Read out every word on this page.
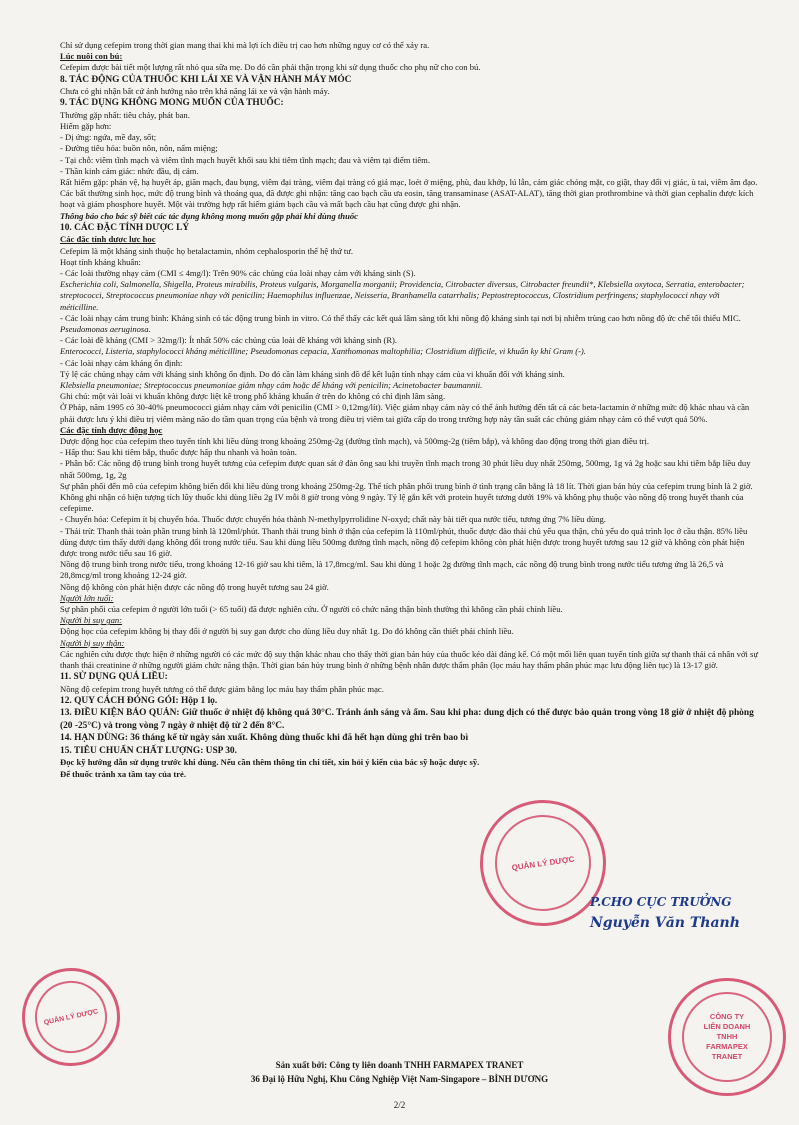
Chỉ sử dụng cefepim trong thời gian mang thai khi mà lợi ích điều trị cao hơn những nguy cơ có thể xảy ra.

Lúc nuôi con bú:

Cefepim được bài tiết một lượng rất nhỏ qua sữa mẹ. Do đó cần phải thận trọng khi sử dụng thuốc cho phụ nữ cho con bú.

8. TÁC ĐỘNG CỦA THUỐC KHI LÁI XE VÀ VẬN HÀNH MÁY MÓC

Chưa có ghi nhận bất cứ ảnh hưởng nào trên khả năng lái xe và vận hành máy.

9. TÁC DỤNG KHÔNG MONG MUỐN CỦA THUỐC:

Thường gặp nhất: tiêu chảy, phát ban.

Hiếm gặp hơn:

- Dị ứng: ngứa, mề đay, sốt;

- Đường tiêu hóa: buồn nôn, nôn, nấm miệng;

- Tại chỗ: viêm tĩnh mạch và viêm tĩnh mạch huyết khối sau khi tiêm tĩnh mạch; đau và viêm tại điểm tiêm.

- Thần kinh cảm giác: nhức đầu, dị cảm.

Rất hiếm gặp: phản vệ, hạ huyết áp, giãn mạch, đau bụng, viêm đại tràng, viêm đại tràng có giả mạc, loét ở miệng, phù, đau khớp, lú lẫn, cảm giác chóng mặt, co giật, thay đổi vị giác, ù tai, viêm âm đạo.

Các bất thường sinh học, mức độ trung bình và thoáng qua, đã được ghi nhận: tăng cao bạch cầu ưa eosin, tăng transaminase (ASAT-ALAT), tăng thời gian prothrombine và thời gian cephalin được kích hoạt và giảm phosphore huyết. Một vài trường hợp rất hiếm giảm bạch cầu và mất bạch cầu hạt cũng được ghi nhận.

Thông báo cho bác sỹ biết các tác dụng không mong muốn gặp phải khi dùng thuốc

10. CÁC ĐẶC TÍNH DƯỢC LÝ

Các đặc tính dược lực học

Cefepim là một kháng sinh thuộc họ betalactamin, nhóm cephalosporin thế hệ thứ tư.

Hoạt tính kháng khuẩn:

- Các loài thường nhạy cảm (CMI ≤ 4mg/l): Trên 90% các chủng của loài nhạy cảm với kháng sinh (S).

Escherichia coli, Salmonella, Shigella, Proteus mirabilis, Proteus vulgaris, Morganella morganii; Providencia, Citrobacter diversus, Citrobacter freundii*, Klebsiella oxytoca, Serratia, enterobacter; streptococci, Streptococcus pneumoniae nhạy với penicilin; Haemophilus influenzae, Neisseria, Branhamella catarrhalis; Peptostreptococcus, Clostridium perfringens; staphylococci nhạy với méticilline.

- Các loài nhạy cảm trung bình: Kháng sinh có tác động trung bình in vitro. Có thể thấy các kết quả lâm sàng tốt khi nồng độ kháng sinh tại nơi bị nhiễm trùng cao hơn nồng độ ức chế tối thiểu MIC.

Pseudomonas aeruginosa.

- Các loài đề kháng (CMI > 32mg/l): Ít nhất 50% các chủng của loài đề kháng với kháng sinh (R).

Enterococci, Listeria, staphylococci kháng méticilline; Pseudomonas cepacia, Xanthomonas maltophilia; Clostridium difficile, vi khuẩn ky khí Gram (-).

- Các loài nhạy cảm kháng ổn định:

Tỷ lệ các chủng nhạy cảm với kháng sinh không ổn định. Do đó cần làm kháng sinh đồ để kết luận tính nhạy cảm của vi khuẩn đối với kháng sinh.

Klebsiella pneumoniae; Streptococcus pneumoniae giảm nhạy cảm hoặc để kháng với penicilin; Acinetobacter baumannii.

Ghi chú: một vài loài vi khuẩn không được liệt kê trong phổ kháng khuẩn ở trên do không có chỉ định lâm sàng.

Ở Pháp, năm 1995 có 30-40% pneumococci giảm nhạy cảm với penicilin (CMI > 0,12mg/lít). Việc giảm nhạy cảm này có thể ảnh hưởng đến tất cả các beta-lactamin ở những mức độ khác nhau và cần phải được lưu ý khi điều trị viêm màng não do tầm quan trọng của bệnh và trong điều trị viêm tai giữa cấp do trong trường hợp này tần suất các chủng giảm nhạy cảm có thể vượt quá 50%.

Các đặc tính dược động học

Dược động học của cefepim theo tuyến tính khi liều dùng trong khoảng 250mg-2g (đường tĩnh mạch), và 500mg-2g (tiêm bắp), và không dao động trong thời gian điều trị.

- Hấp thu: Sau khi tiêm bắp, thuốc được hấp thu nhanh và hoàn toàn.

- Phân bố: Các nồng độ trung bình trong huyết tương của cefepim được quan sát ở đàn ông sau khi truyền tĩnh mạch trong 30 phút liều duy nhất 250mg, 500mg, 1g và 2g hoặc sau khi tiêm bắp liều duy nhất 500mg, 1g, 2g

Sự phân phối đến mô của cefepim không biến đổi khi liều dùng trong khoảng 250mg-2g. Thể tích phân phối trung bình ở tình trạng cân bằng là 18 lít. Thời gian bán hủy của cefepim trung bình là 2 giờ. Không ghi nhận có hiện tượng tích lũy thuốc khi dùng liều 2g IV mỗi 8 giờ trong vòng 9 ngày. Tỷ lệ gắn kết với protein huyết tương dưới 19% và không phụ thuộc vào nồng độ trong huyết thanh của cefepime.

- Chuyển hóa: Cefepim ít bị chuyển hóa. Thuốc được chuyển hóa thành N-methylpyrrolidine N-oxyd; chất này bài tiết qua nước tiểu, tương ứng 7% liều dùng.

- Thải trừ: Thanh thải toàn phần trung bình là 120ml/phút. Thanh thải trung bình ở thận của cefepim là 110ml/phút, thuốc được đào thải chủ yếu qua thận, chủ yếu do quá trình lọc ở cầu thận. 85% liều dùng được tìm thấy dưới dạng không đổi trong nước tiểu. Sau khi dùng liều 500mg đường tĩnh mạch, nồng độ cefepim không còn phát hiện được trong huyết tương sau 12 giờ và không còn phát hiện được trong nước tiểu sau 16 giờ.

Nồng độ trung bình trong nước tiểu, trong khoảng 12-16 giờ sau khi tiêm, là 17,8mcg/ml. Sau khi dùng 1 hoặc 2g đường tĩnh mạch, các nồng độ trung bình trong nước tiểu tương ứng là 26,5 và 28,8mcg/ml trong khoảng 12-24 giờ.

Nồng độ không còn phát hiện được các nồng độ trong huyết tương sau 24 giờ.

Người lớn tuổi:

Sự phân phối của cefepim ở người lớn tuổi (> 65 tuổi) đã được nghiên cứu. Ở người có chức năng thận bình thường thì không cần phải chỉnh liều.

Người bị suy gan:

Động học của cefepim không bị thay đổi ở người bị suy gan được cho dùng liều duy nhất 1g. Do đó không cần thiết phải chỉnh liều.

Người bị suy thận:

Các nghiên cứu được thực hiện ở những người có các mức độ suy thận khác nhau cho thấy thời gian bán hủy của thuốc kéo dài đáng kể. Có một mối liên quan tuyến tính giữa sự thanh thải cá nhân với sự thanh thải creatinine ở những người giảm chức năng thận. Thời gian bán hủy trung bình ở những bệnh nhân được thẩm phân (lọc máu hay thẩm phân phúc mạc lưu động liên tục) là 13-17 giờ.

11. SỬ DỤNG QUÁ LIỀU:

Nồng độ cefepim trong huyết tương có thể được giảm bằng lọc máu hay thẩm phân phúc mạc.

12. QUY CÁCH ĐÓNG GÓI: Hộp 1 lọ.

13. ĐIỀU KIỆN BẢO QUẢN: Giữ thuốc ở nhiệt độ không quá 30°C. Tránh ánh sáng và ẩm. Sau khi pha: dung dịch có thể được bảo quản trong vòng 18 giờ ở nhiệt độ phòng (20 -25°C) và trong vòng 7 ngày ở nhiệt độ từ 2 đến 8°C.

14. HẠN DÙNG: 36 tháng kể từ ngày sản xuất. Không dùng thuốc khi đã hết hạn dùng ghi trên bao bì

15. TIÊU CHUẨN CHẤT LƯỢNG: USP 30.

Đọc kỹ hướng dẫn sử dụng trước khi dùng. Nếu cần thêm thông tin chi tiết, xin hỏi ý kiến của bác sỹ hoặc dược sỹ.

Để thuốc tránh xa tầm tay của trẻ.

QUẢN LÝ DƯỢC
QUẢN LÝ DƯỢC
P.CHO CỤC TRƯỞNG
Nguyễn Văn Thanh
CÔNG TY
LIÊN DOANH
TNHH
FARMAPEX
TRANET
Sản xuất bởi: Công ty liên doanh TNHH FARMAPEX TRANET
36 Đại lộ Hữu Nghị, Khu Công Nghiệp Việt Nam-Singapore – BÌNH DƯƠNG
2/2
